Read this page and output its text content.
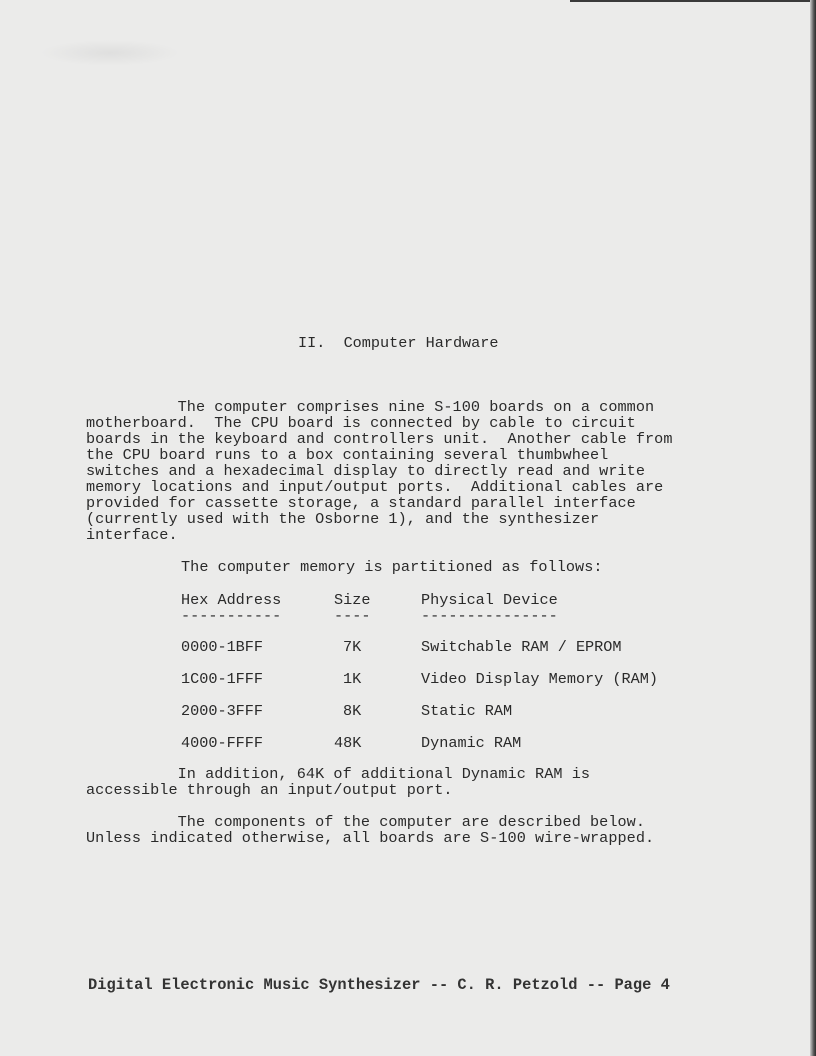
II.  Computer Hardware
The computer comprises nine S-100 boards on a common
motherboard.  The CPU board is connected by cable to circuit
boards in the keyboard and controllers unit.  Another cable from
the CPU board runs to a box containing several thumbwheel
switches and a hexadecimal display to directly read and write
memory locations and input/output ports.  Additional cables are
provided for cassette storage, a standard parallel interface
(currently used with the Osborne 1), and the synthesizer
interface.
The computer memory is partitioned as follows:
Hex Address	Size	Physical Device
-----------	----	---------------
0000-1BFF	7K	Switchable RAM / EPROM
1C00-1FFF	1K	Video Display Memory (RAM)
2000-3FFF	8K	Static RAM
4000-FFFF	48K	Dynamic RAM
In addition, 64K of additional Dynamic RAM is
accessible through an input/output port.
The components of the computer are described below.
Unless indicated otherwise, all boards are S-100 wire-wrapped.
Digital Electronic Music Synthesizer -- C. R. Petzold -- Page 4
